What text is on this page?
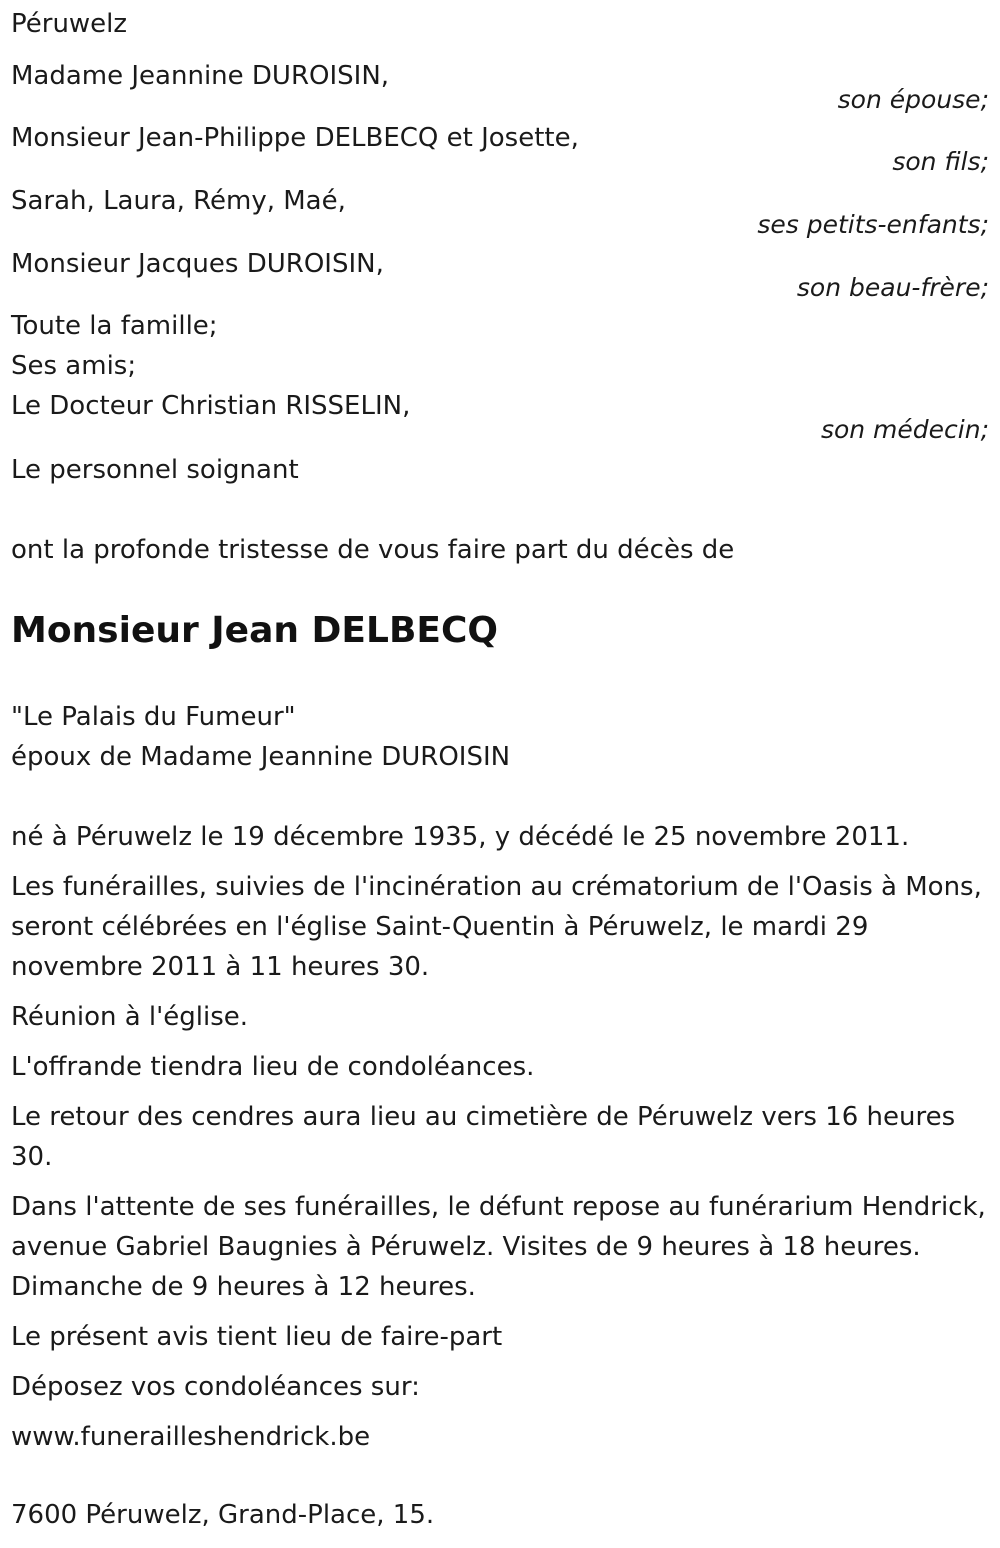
Péruwelz
Madame Jeannine DUROISIN,
son épouse;
Monsieur Jean-Philippe DELBECQ et Josette,
son fils;
Sarah, Laura, Rémy, Maé,
ses petits-enfants;
Monsieur Jacques DUROISIN,
son beau-frère;
Toute la famille;
Ses amis;
Le Docteur Christian RISSELIN,
son médecin;
Le personnel soignant
ont la profonde tristesse de vous faire part du décès de
Monsieur Jean DELBECQ
"Le Palais du Fumeur"
époux de Madame Jeannine DUROISIN
né à Péruwelz le 19 décembre 1935, y décédé le 25 novembre 2011.
Les funérailles, suivies de l'incinération au crématorium de l'Oasis à Mons, seront célébrées en l'église Saint-Quentin à Péruwelz, le mardi 29 novembre 2011 à 11 heures 30.
Réunion à l'église.
L'offrande tiendra lieu de condoléances.
Le retour des cendres aura lieu au cimetière de Péruwelz vers 16 heures 30.
Dans l'attente de ses funérailles, le défunt repose au funérarium Hendrick, avenue Gabriel Baugnies à Péruwelz. Visites de 9 heures à 18 heures. Dimanche de 9 heures à 12 heures.
Le présent avis tient lieu de faire-part
Déposez vos condoléances sur:
www.funerailleshendrick.be
7600 Péruwelz, Grand-Place, 15.
